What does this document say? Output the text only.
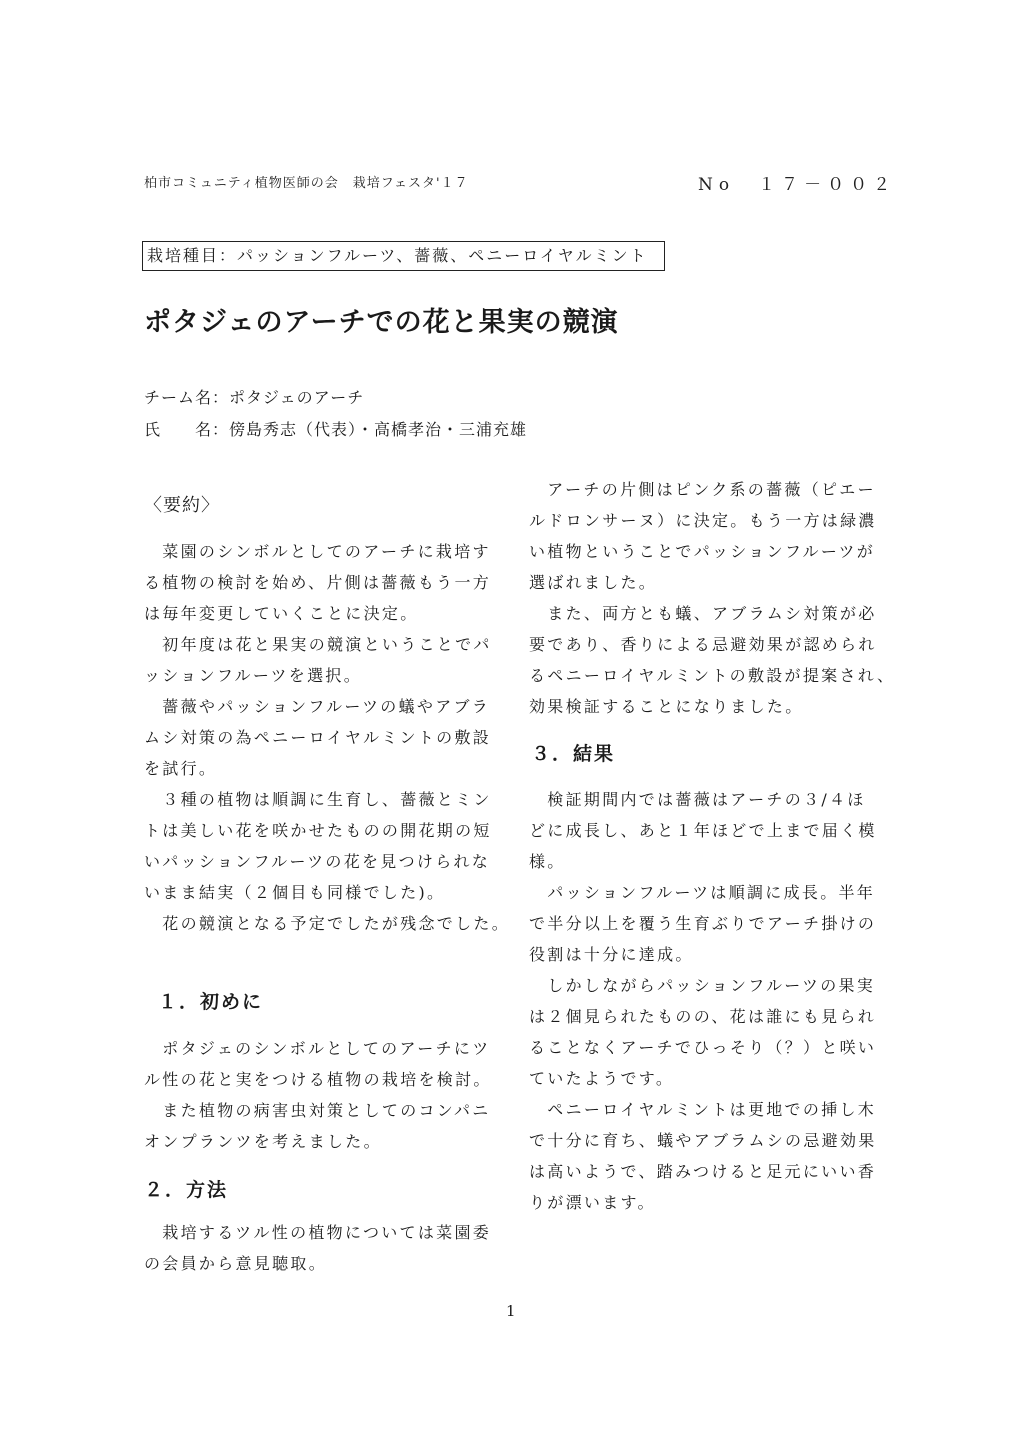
柏市コミュニティ植物医師の会　栽培フェスタ'１７	No　１７－００２
栽培種目：パッションフルーツ、薔薇、ペニーロイヤルミント
ポタジェのアーチでの花と果実の競演
チーム名：ポタジェのアーチ
氏　　名：傍島秀志（代表）・高橋孝治・三浦充雄
〈要約〉

　菜園のシンボルとしてのアーチに栽培す

る植物の検討を始め、片側は薔薇もう一方

は毎年変更していくことに決定。

　初年度は花と果実の競演ということでパ

ッションフルーツを選択。

　薔薇やパッションフルーツの蟻やアブラ

ムシ対策の為ペニーロイヤルミントの敷設

を試行。

　３種の植物は順調に生育し、薔薇とミン

トは美しい花を咲かせたものの開花期の短

いパッションフルーツの花を見つけられな

いまま結実（２個目も同様でした)。

　花の競演となる予定でしたが残念でした。

１．初めに

　ポタジェのシンボルとしてのアーチにツ

ル性の花と実をつける植物の栽培を検討。

　また植物の病害虫対策としてのコンパニ

オンプランツを考えました。

２．方法

　栽培するツル性の植物については菜園委

の会員から意見聴取。

　アーチの片側はピンク系の薔薇（ピエー

ルドロンサーヌ）に決定。もう一方は緑濃

い植物ということでパッションフルーツが

選ばれました。

　また、両方とも蟻、アブラムシ対策が必

要であり、香りによる忌避効果が認められ

るペニーロイヤルミントの敷設が提案され、

効果検証することになりました。

３．結果

　検証期間内では薔薇はアーチの３/４ほ

どに成長し、あと１年ほどで上まで届く模

様。

　パッションフルーツは順調に成長。半年

で半分以上を覆う生育ぶりでアーチ掛けの

役割は十分に達成。

　しかしながらパッションフルーツの果実

は２個見られたものの、花は誰にも見られ

ることなくアーチでひっそり（？）と咲い

ていたようです。

　ペニーロイヤルミントは更地での挿し木

で十分に育ち、蟻やアブラムシの忌避効果

は高いようで、踏みつけると足元にいい香

りが漂います。

1
